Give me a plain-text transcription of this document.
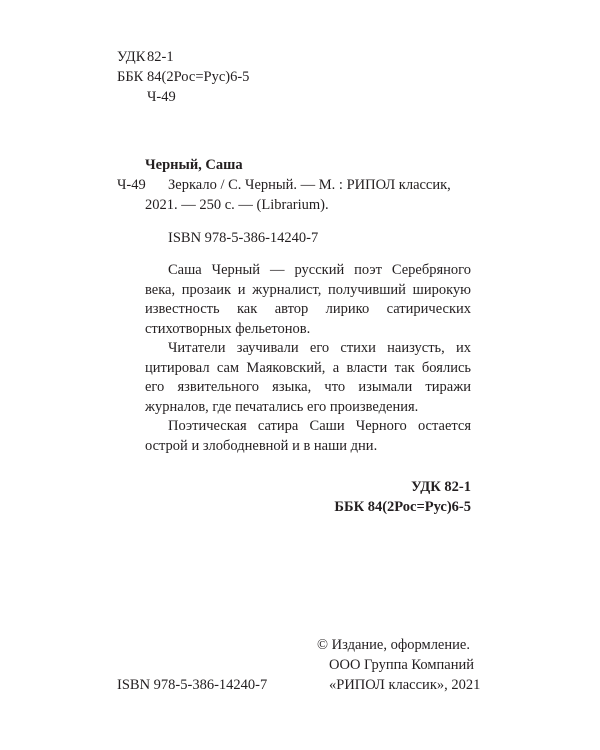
УДК 82-1
ББК 84(2Рос=Рус)6-5
Ч-49
Черный, Саша
Ч-49 Зеркало / С. Черный. — М. : РИПОЛ классик,
2021. — 250 с. — (Librarium).
ISBN 978-5-386-14240-7

Саша Черный — русский поэт Серебряного века, прозаик и журналист, получивший широкую известность как автор лирико сатирических стихотворных фельетонов.

Читатели заучивали его стихи наизусть, их цитировал сам Маяковский, а власти так боялись его язвительного языка, что изымали тиражи журналов, где печатались его произведения.

Поэтическая сатира Саши Черного остается острой и злободневной и в наши дни.

УДК 82-1
ББК 84(2Рос=Рус)6-5
ISBN 978-5-386-14240-7
© Издание, оформление.
ООО Группа Компаний
«РИПОЛ классик», 2021
